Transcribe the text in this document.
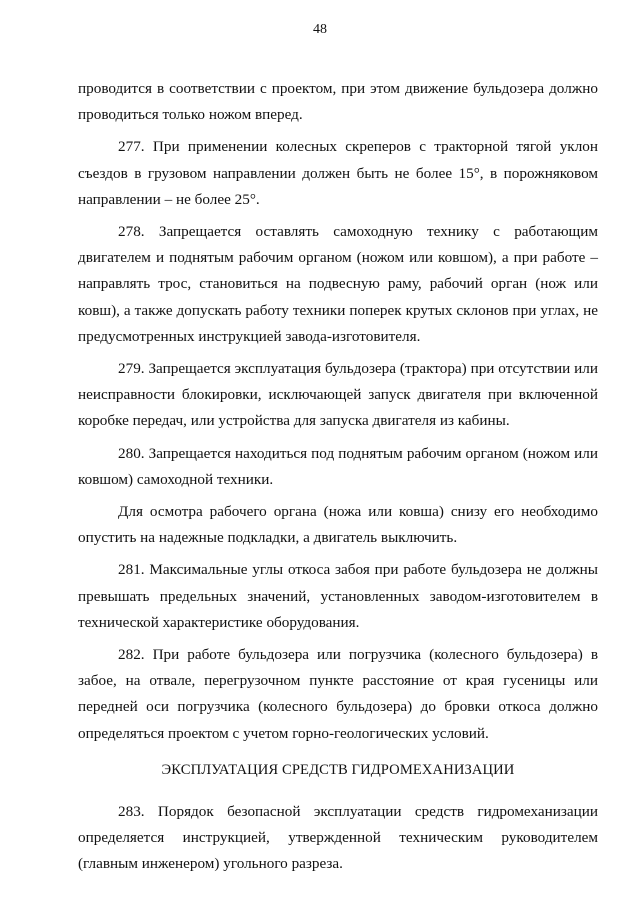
48

проводится в соответствии с проектом, при этом движение бульдозера должно проводиться только ножом вперед.

277. При применении колесных скреперов с тракторной тягой уклон съездов в грузовом направлении должен быть не более 15°, в порожняковом направлении – не более 25°.

278. Запрещается оставлять самоходную технику с работающим двигателем и поднятым рабочим органом (ножом или ковшом), а при работе – направлять трос, становиться на подвесную раму, рабочий орган (нож или ковш), а также допускать работу техники поперек крутых склонов при углах, не предусмотренных инструкцией завода-изготовителя.

279. Запрещается эксплуатация бульдозера (трактора) при отсутствии или неисправности блокировки, исключающей запуск двигателя при включенной коробке передач, или устройства для запуска двигателя из кабины.

280. Запрещается находиться под поднятым рабочим органом (ножом или ковшом) самоходной техники.

Для осмотра рабочего органа (ножа или ковша) снизу его необходимо опустить на надежные подкладки, а двигатель выключить.

281. Максимальные углы откоса забоя при работе бульдозера не должны превышать предельных значений, установленных заводом-изготовителем в технической характеристике оборудования.

282. При работе бульдозера или погрузчика (колесного бульдозера) в забое, на отвале, перегрузочном пункте расстояние от края гусеницы или передней оси погрузчика (колесного бульдозера) до бровки откоса должно определяться проектом с учетом горно-геологических условий.

ЭКСПЛУАТАЦИЯ СРЕДСТВ ГИДРОМЕХАНИЗАЦИИ

283. Порядок безопасной эксплуатации средств гидромеханизации определяется инструкцией, утвержденной техническим руководителем (главным инженером) угольного разреза.
